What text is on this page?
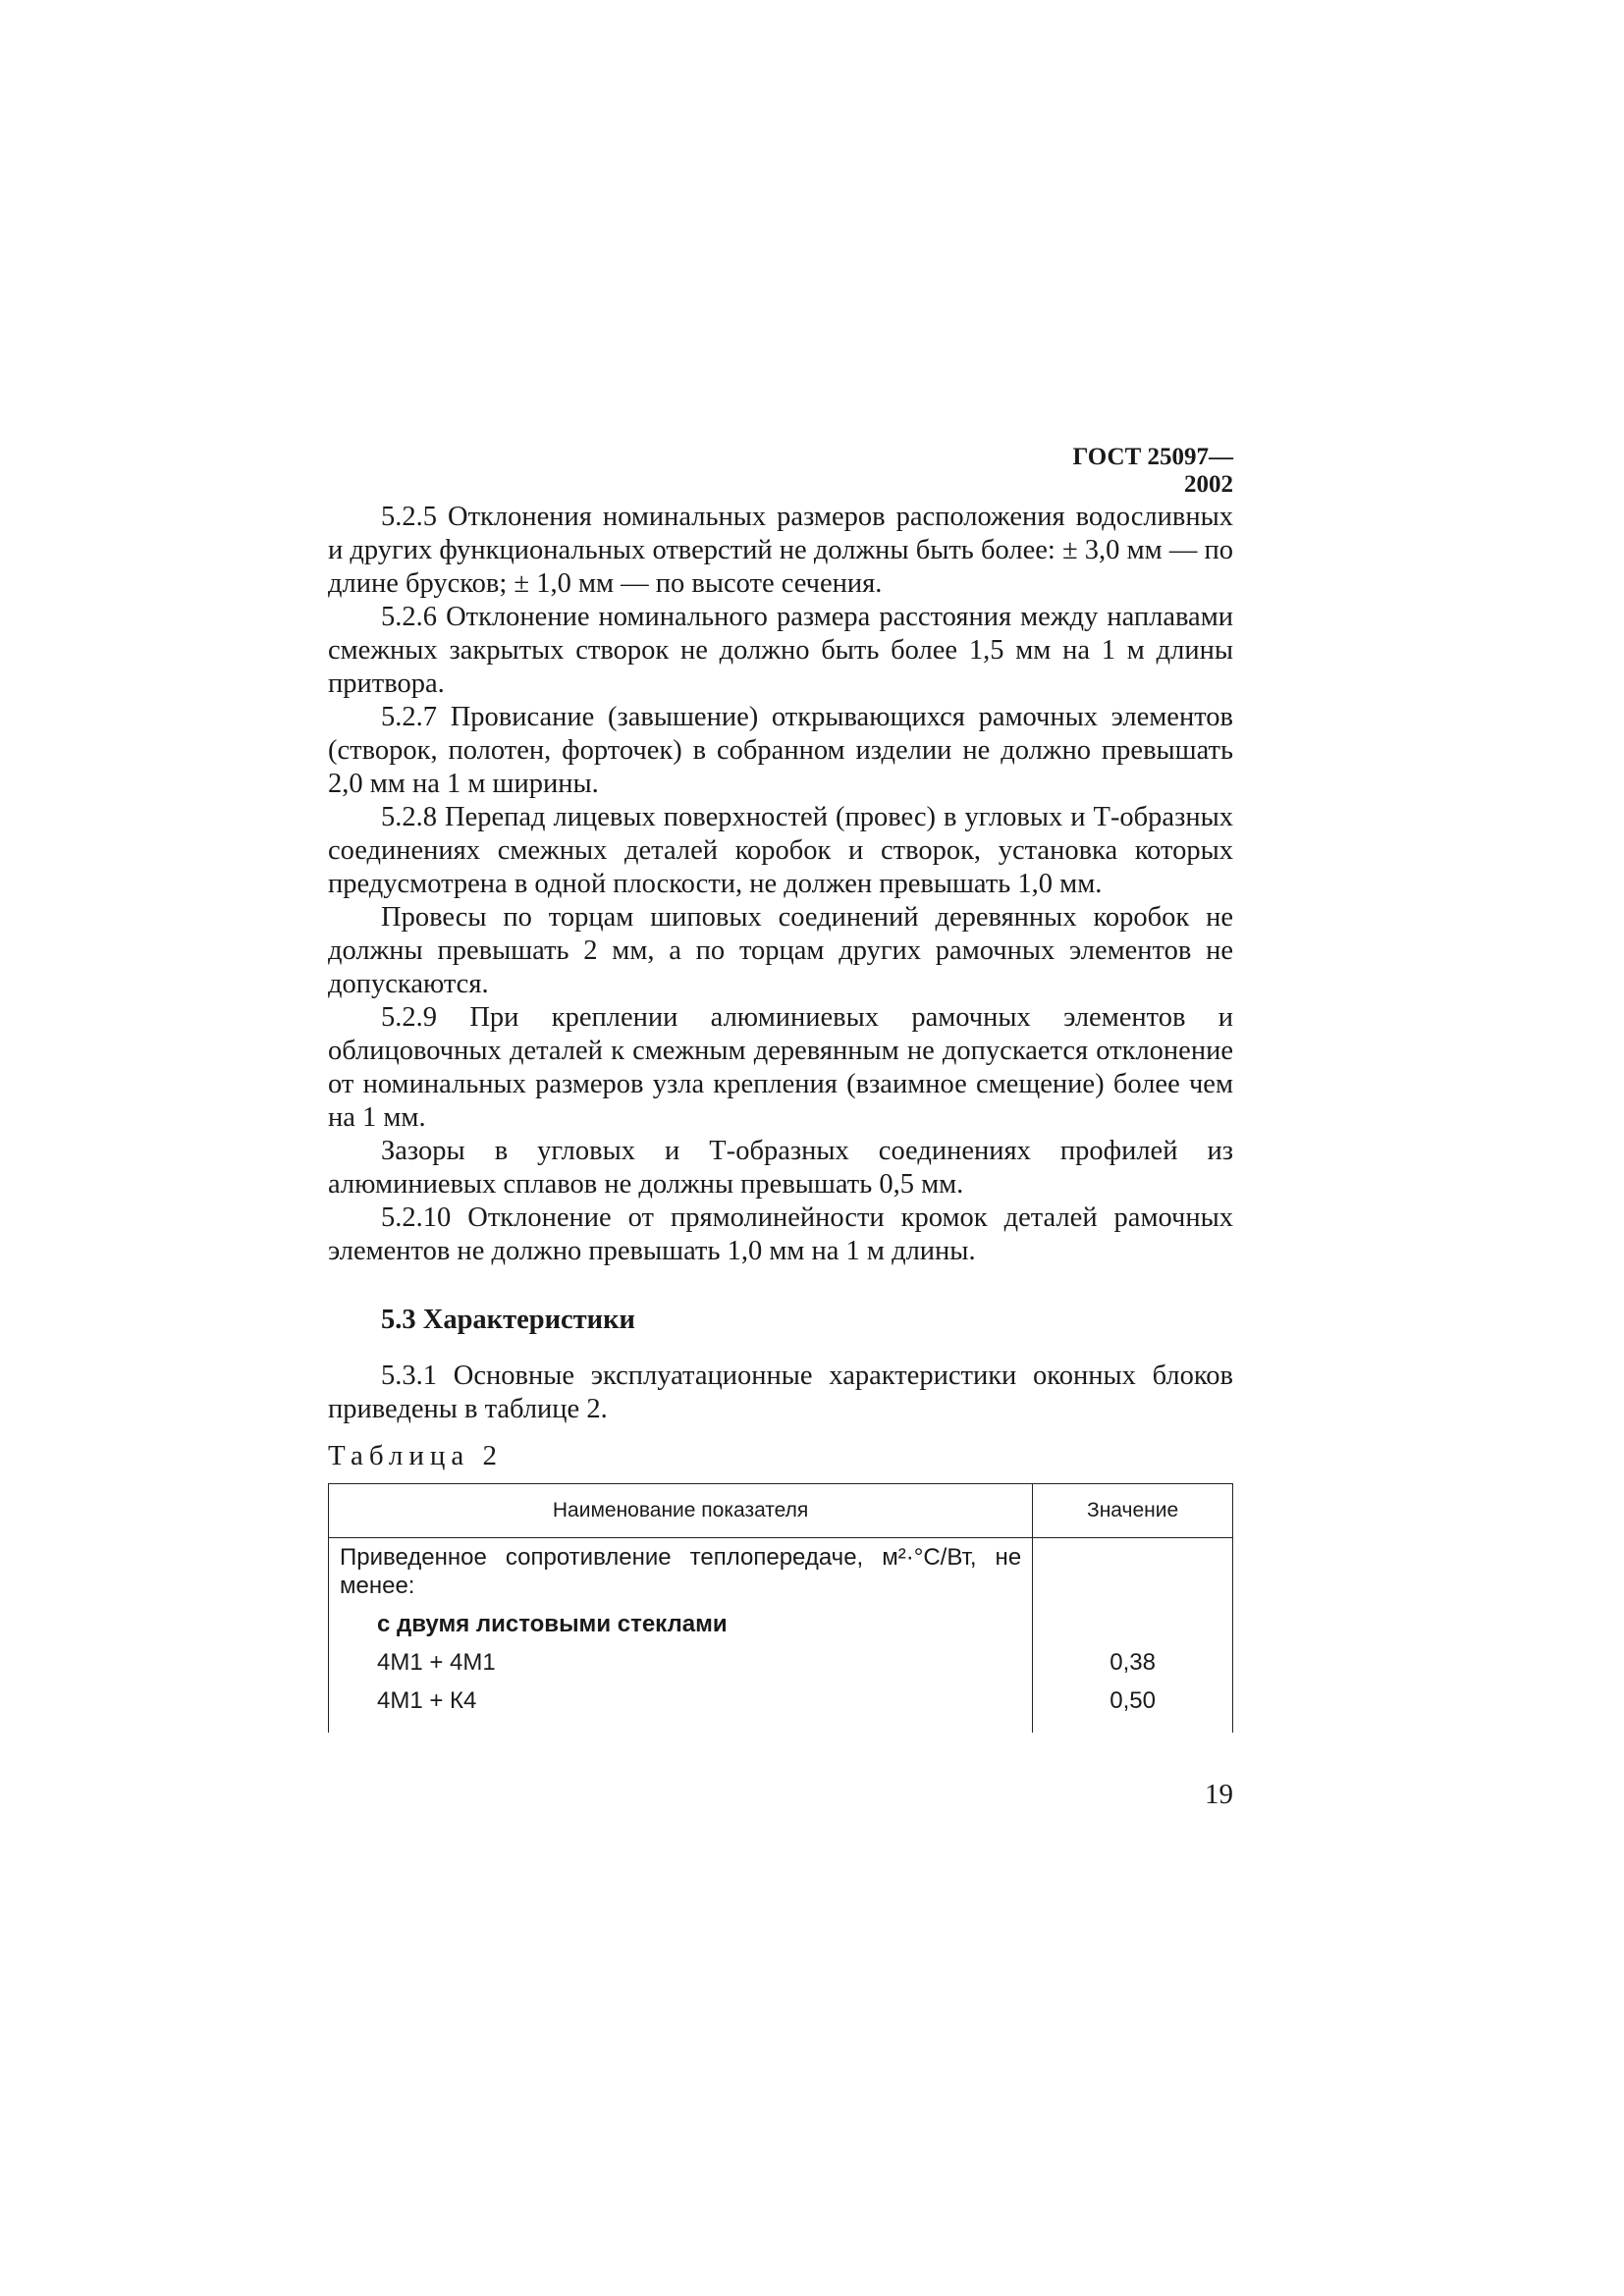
ГОСТ 25097—2002

5.2.5 Отклонения номинальных размеров расположения водосливных и других функциональных отверстий не должны быть более: ± 3,0 мм — по длине брусков; ± 1,0 мм — по высоте сечения.

5.2.6 Отклонение номинального размера расстояния между наплавами смежных закрытых створок не должно быть более 1,5 мм на 1 м длины притвора.

5.2.7 Провисание (завышение) открывающихся рамочных элементов (створок, полотен, форточек) в собранном изделии не должно превышать 2,0 мм на 1 м ширины.

5.2.8 Перепад лицевых поверхностей (провес) в угловых и Т-образных соединениях смежных деталей коробок и створок, установка которых предусмотрена в одной плоскости, не должен превышать 1,0 мм.

Провесы по торцам шиповых соединений деревянных коробок не должны превышать 2 мм, а по торцам других рамочных элементов не допускаются.

5.2.9 При креплении алюминиевых рамочных элементов и облицовочных деталей к смежным деревянным не допускается отклонение от номинальных размеров узла крепления (взаимное смещение) более чем на 1 мм.

Зазоры в угловых и Т-образных соединениях профилей из алюминиевых сплавов не должны превышать 0,5 мм.

5.2.10 Отклонение от прямолинейности кромок деталей рамочных элементов не должно превышать 1,0 мм на 1 м длины.

5.3 Характеристики

5.3.1 Основные эксплуатационные характеристики оконных блоков приведены в таблице 2.

Таблица 2
Наименование показателя	Значение

Приведенное сопротивление теплопередаче, м²·°С/Вт, не менее:	

с двумя листовыми стеклами	

4М1 + 4М1	0,38

4М1 + К4	0,50
19
